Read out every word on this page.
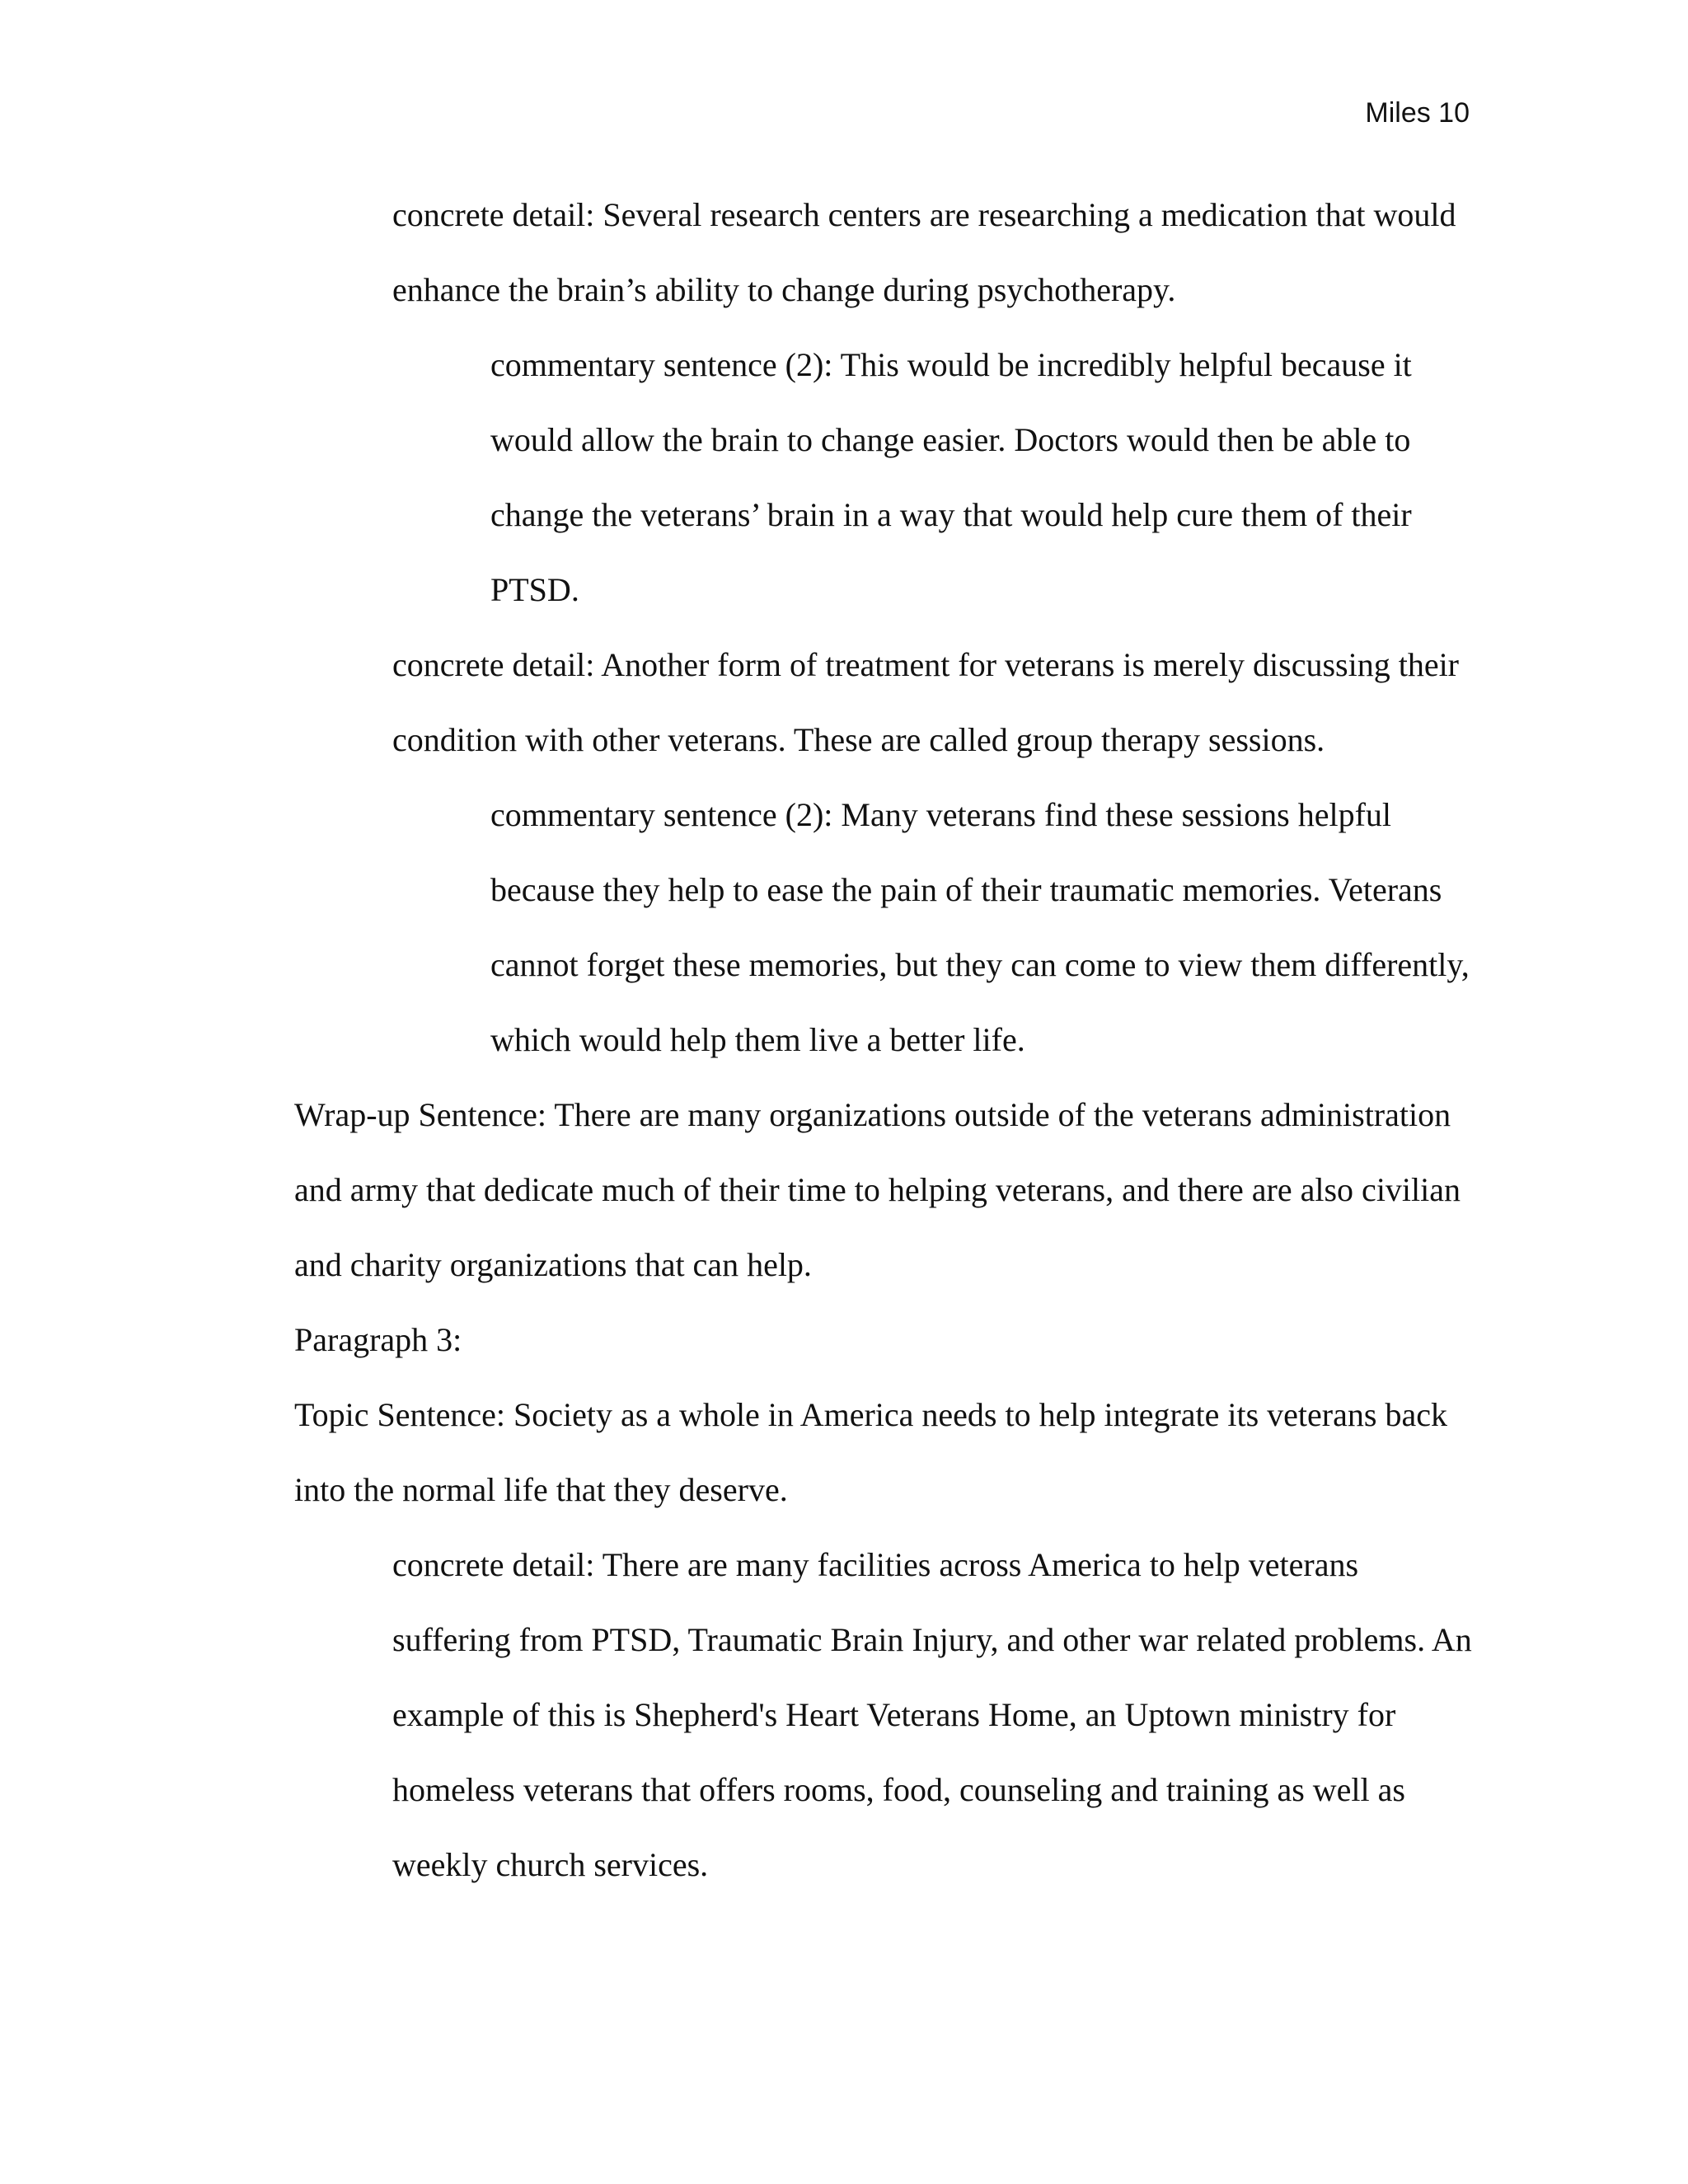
Miles 10
concrete detail: Several research centers are researching a medication that would
enhance the brain’s ability to change during psychotherapy.
commentary sentence (2): This would be incredibly helpful because it
would allow the brain to change easier. Doctors would then be able to
change the veterans’ brain in a way that would help cure them of their
PTSD.
concrete detail: Another form of treatment for veterans is merely discussing their
condition with other veterans. These are called group therapy sessions.
commentary sentence (2): Many veterans find these sessions helpful
because they help to ease the pain of their traumatic memories. Veterans
cannot forget these memories, but they can come to view them differently,
which would help them live a better life.
Wrap-up Sentence: There are many organizations outside of the veterans administration
and army that dedicate much of their time to helping veterans, and there are also civilian
and charity organizations that can help.
Paragraph 3:
Topic Sentence: Society as a whole in America needs to help integrate its veterans back
into the normal life that they deserve.
concrete detail: There are many facilities across America to help veterans
suffering from PTSD, Traumatic Brain Injury, and other war related problems. An
example of this is Shepherd's Heart Veterans Home, an Uptown ministry for
homeless veterans that offers rooms, food, counseling and training as well as
weekly church services.
